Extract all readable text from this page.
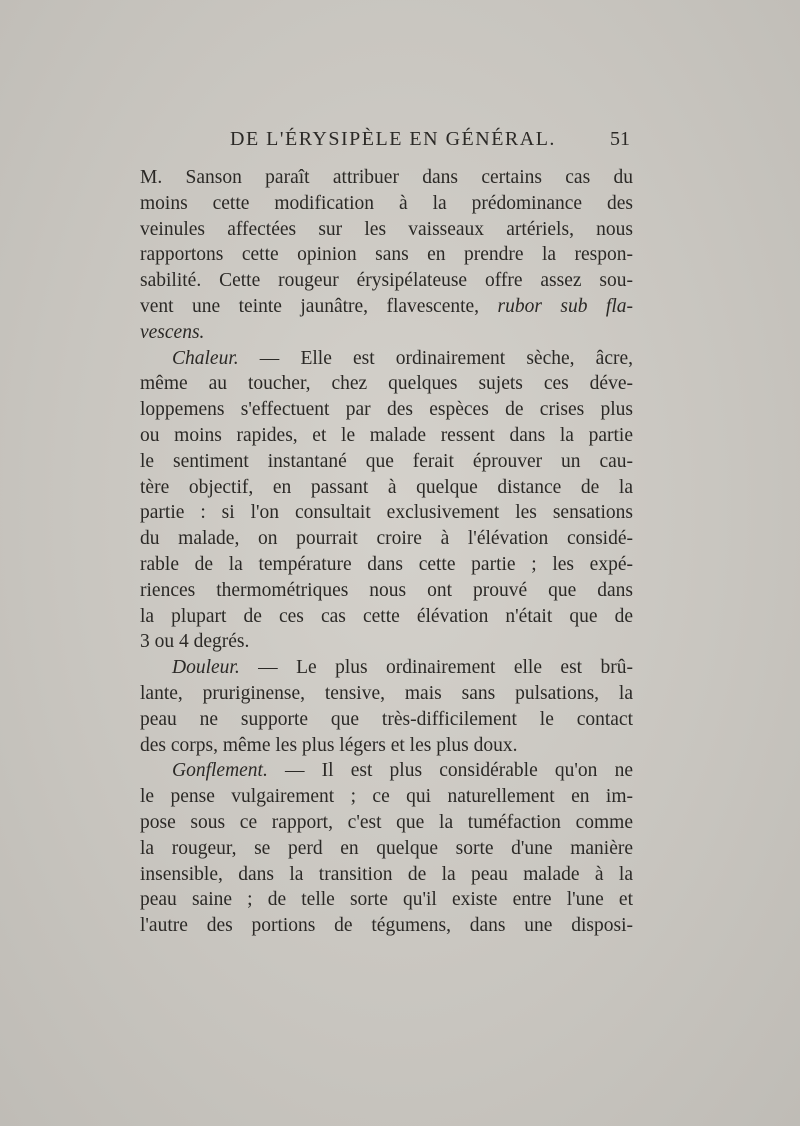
DE L'ÉRYSIPÈLE EN GÉNÉRAL.	51
M. Sanson paraît attribuer dans certains cas du
moins cette modification à la prédominance des
veinules affectées sur les vaisseaux artériels, nous
rapportons cette opinion sans en prendre la respon-
sabilité. Cette rougeur érysipélateuse offre assez sou-
vent une teinte jaunâtre, flavescente, rubor sub fla-
vescens.
Chaleur. — Elle est ordinairement sèche, âcre,
même au toucher, chez quelques sujets ces déve-
loppemens s'effectuent par des espèces de crises plus
ou moins rapides, et le malade ressent dans la partie
le sentiment instantané que ferait éprouver un cau-
tère objectif, en passant à quelque distance de la
partie : si l'on consultait exclusivement les sensations
du malade, on pourrait croire à l'élévation considé-
rable de la température dans cette partie ; les expé-
riences thermométriques nous ont prouvé que dans
la plupart de ces cas cette élévation n'était que de
3 ou 4 degrés.
Douleur. — Le plus ordinairement elle est brû-
lante, pruriginense, tensive, mais sans pulsations, la
peau ne supporte que très-difficilement le contact
des corps, même les plus légers et les plus doux.
Gonflement. — Il est plus considérable qu'on ne
le pense vulgairement ; ce qui naturellement en im-
pose sous ce rapport, c'est que la tuméfaction comme
la rougeur, se perd en quelque sorte d'une manière
insensible, dans la transition de la peau malade à la
peau saine ; de telle sorte qu'il existe entre l'une et
l'autre des portions de tégumens, dans une disposi-
